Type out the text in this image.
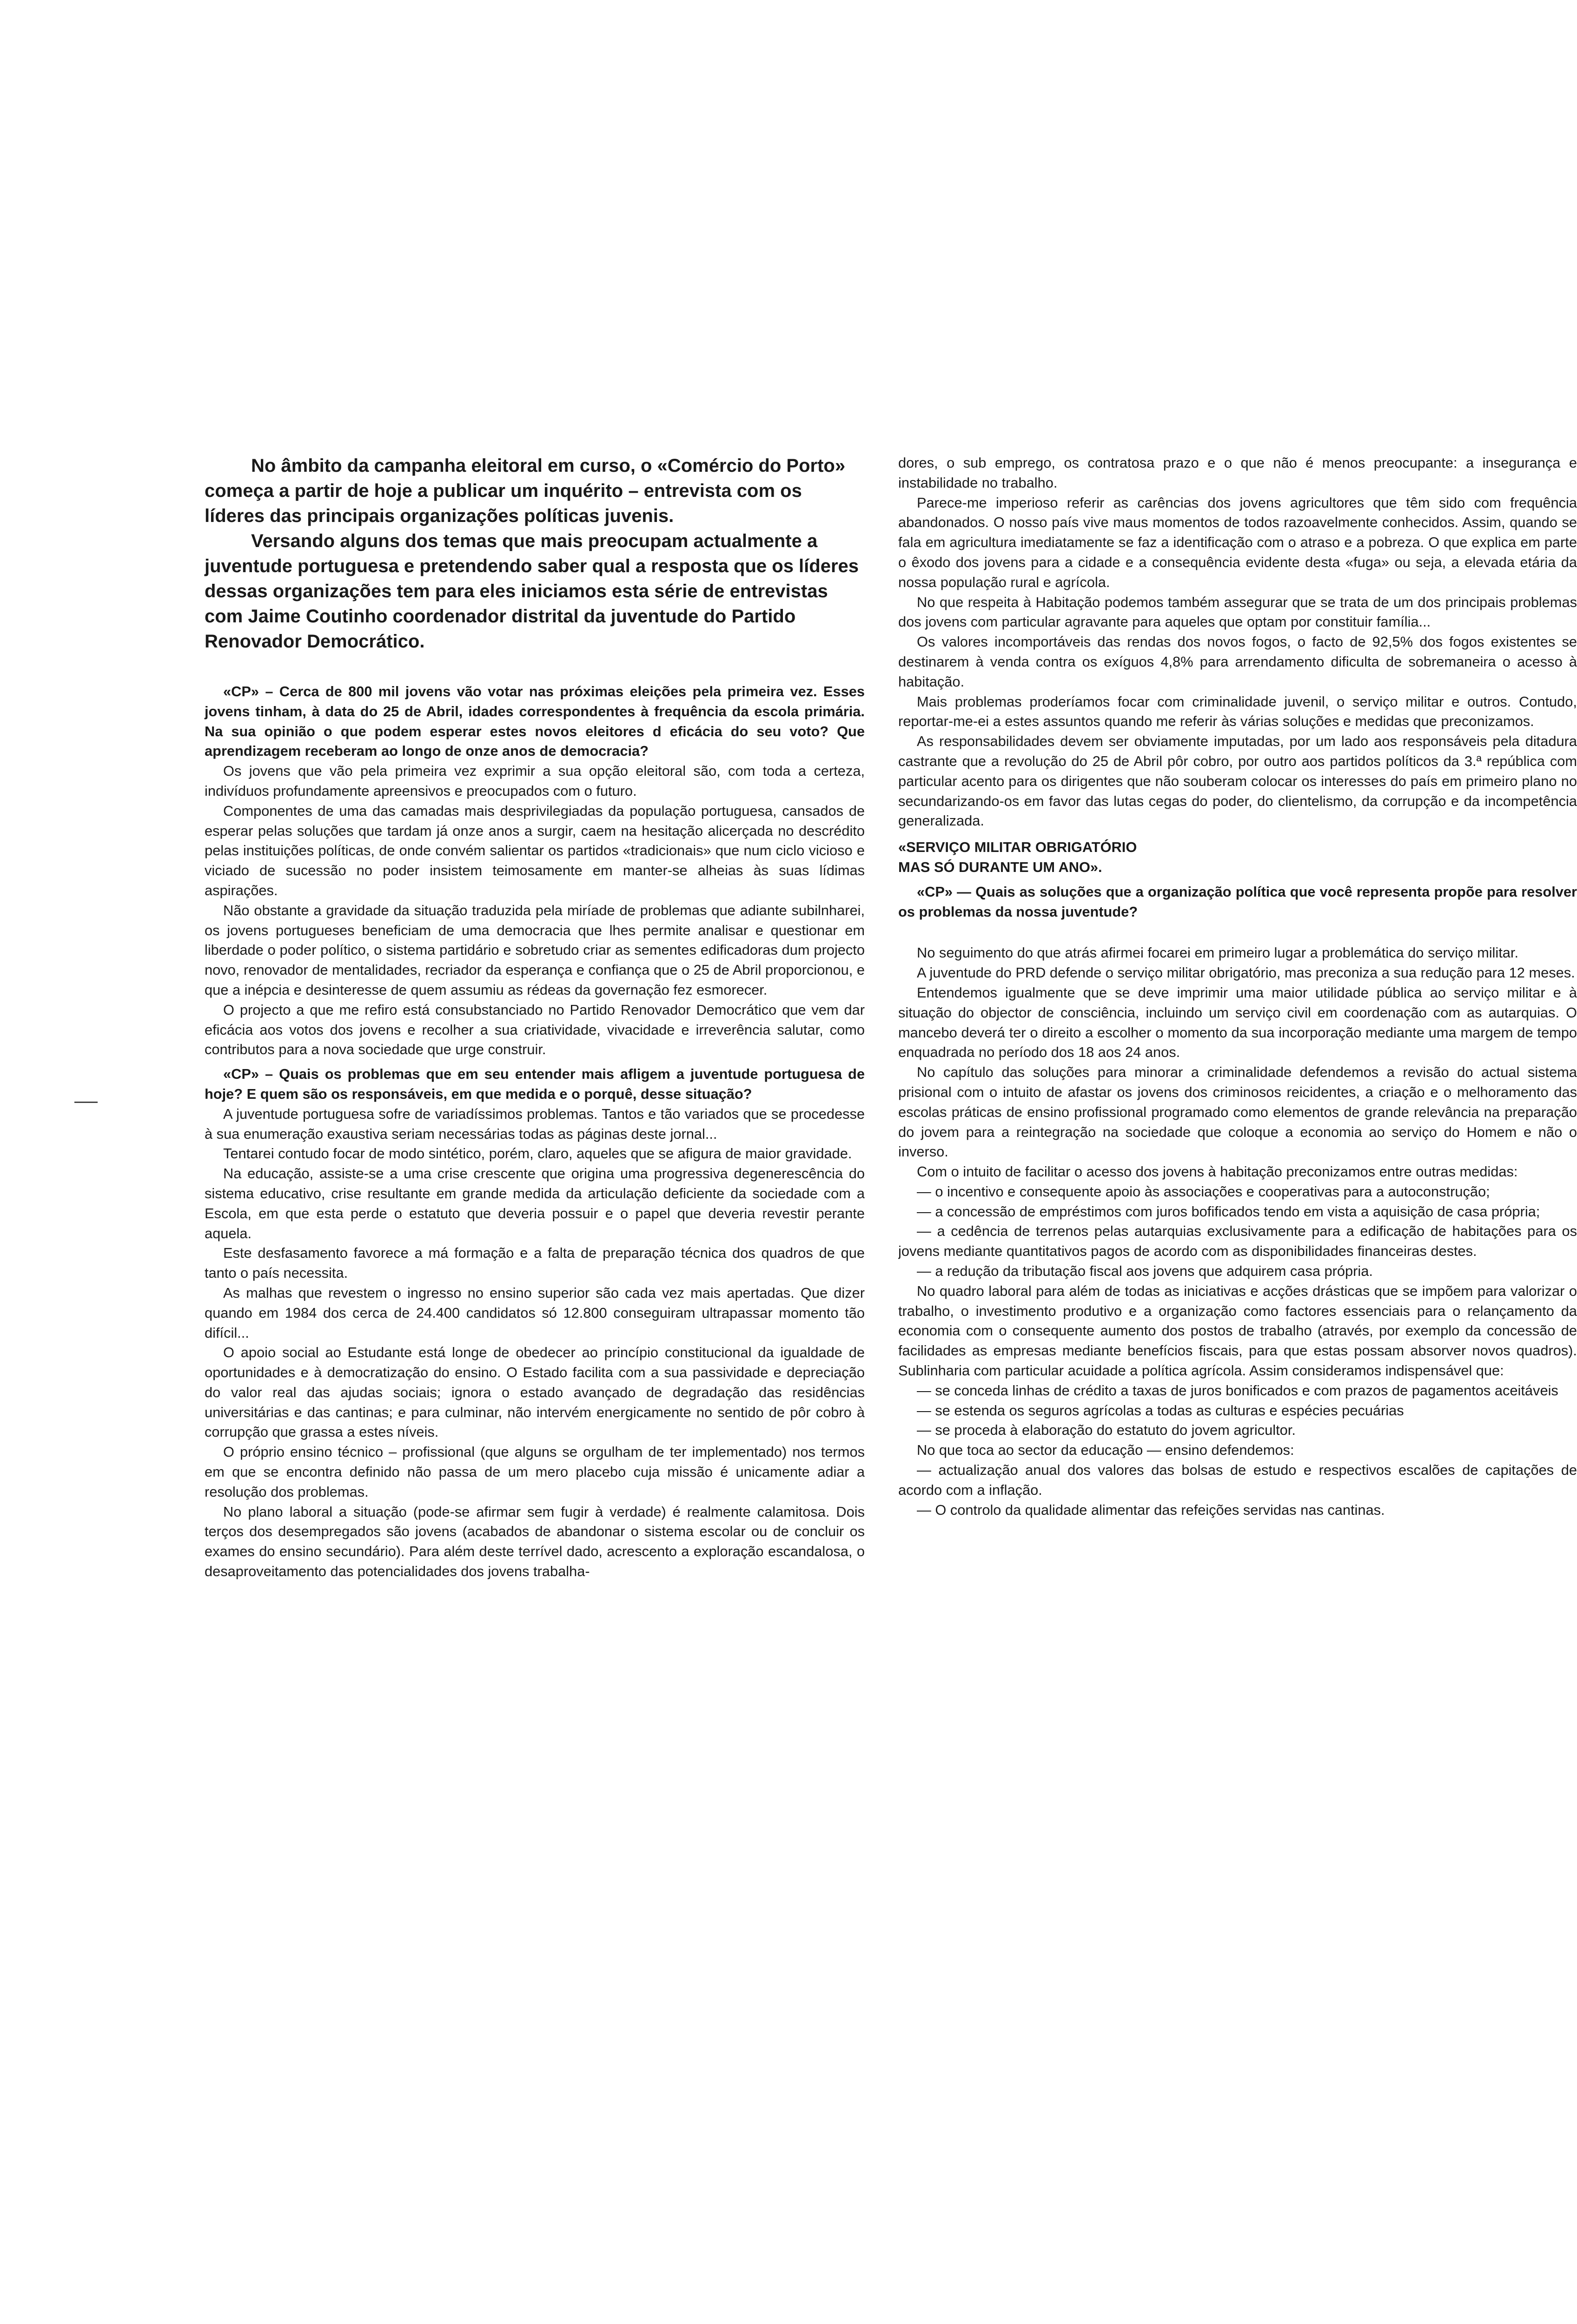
No âmbito da campanha eleitoral em curso, o «Comércio do Porto» começa a partir de hoje a publicar um inquérito – entrevista com os líderes das principais organizações políticas juvenis.

Versando alguns dos temas que mais preocupam actualmente a juventude portuguesa e pretendendo saber qual a resposta que os líderes dessas organizações tem para eles iniciamos esta série de entrevistas com Jaime Coutinho coordenador distrital da juventude do Partido Renovador Democrático.

«CP» – Cerca de 800 mil jovens vão votar nas próximas eleições pela primeira vez. Esses jovens tinham, à data do 25 de Abril, idades correspondentes à frequência da escola primária. Na sua opinião o que podem esperar estes novos eleitores d eficácia do seu voto? Que aprendizagem receberam ao longo de onze anos de democracia?

Os jovens que vão pela primeira vez exprimir a sua opção eleitoral são, com toda a certeza, indivíduos profundamente apreensivos e preocupados com o futuro.

Componentes de uma das camadas mais desprivilegiadas da população portuguesa, cansados de esperar pelas soluções que tardam já onze anos a surgir, caem na hesitação alicerçada no descrédito pelas instituições políticas, de onde convém salientar os partidos «tradicionais» que num ciclo vicioso e viciado de sucessão no poder insistem teimosamente em manter-se alheias às suas lídimas aspirações.

Não obstante a gravidade da situação traduzida pela miríade de problemas que adiante subilnharei, os jovens portugueses beneficiam de uma democracia que lhes permite analisar e questionar em liberdade o poder político, o sistema partidário e sobretudo criar as sementes edificadoras dum projecto novo, renovador de mentalidades, recriador da esperança e confiança que o 25 de Abril proporcionou, e que a inépcia e desinteresse de quem assumiu as rédeas da governação fez esmorecer.

O projecto a que me refiro está consubstanciado no Partido Renovador Democrático que vem dar eficácia aos votos dos jovens e recolher a sua criatividade, vivacidade e irreverência salutar, como contributos para a nova sociedade que urge construir.

«CP» – Quais os problemas que em seu entender mais afligem a juventude portuguesa de hoje? E quem são os responsáveis, em que medida e o porquê, desse situação?

A juventude portuguesa sofre de variadíssimos problemas. Tantos e tão variados que se procedesse à sua enumeração exaustiva seriam necessárias todas as páginas deste jornal...

Tentarei contudo focar de modo sintético, porém, claro, aqueles que se afigura de maior gravidade.

Na educação, assiste-se a uma crise crescente que origina uma progressiva degenerescência do sistema educativo, crise resultante em grande medida da articulação deficiente da sociedade com a Escola, em que esta perde o estatuto que deveria possuir e o papel que deveria revestir perante aquela.

Este desfasamento favorece a má formação e a falta de preparação técnica dos quadros de que tanto o país necessita.

As malhas que revestem o ingresso no ensino superior são cada vez mais apertadas. Que dizer quando em 1984 dos cerca de 24.400 candidatos só 12.800 conseguiram ultrapassar momento tão difícil...

O apoio social ao Estudante está longe de obedecer ao princípio constitucional da igualdade de oportunidades e à democratização do ensino. O Estado facilita com a sua passividade e depreciação do valor real das ajudas sociais; ignora o estado avançado de degradação das residências universitárias e das cantinas; e para culminar, não intervém energicamente no sentido de pôr cobro à corrupção que grassa a estes níveis.

O próprio ensino técnico – profissional (que alguns se orgulham de ter implementado) nos termos em que se encontra definido não passa de um mero placebo cuja missão é unicamente adiar a resolução dos problemas.

No plano laboral a situação (pode-se afirmar sem fugir à verdade) é realmente calamitosa. Dois terços dos desempregados são jovens (acabados de abandonar o sistema escolar ou de concluir os exames do ensino secundário). Para além deste terrível dado, acrescento a exploração escandalosa, o desaproveitamento das potencialidades dos jovens trabalha-

dores, o sub emprego, os contratosa prazo e o que não é menos preocupante: a insegurança e instabilidade no trabalho.

Parece-me imperioso referir as carências dos jovens agricultores que têm sido com frequência abandonados. O nosso país vive maus momentos de todos razoavelmente conhecidos. Assim, quando se fala em agricultura imediatamente se faz a identificação com o atraso e a pobreza. O que explica em parte o êxodo dos jovens para a cidade e a consequência evidente desta «fuga» ou seja, a elevada etária da nossa população rural e agrícola.

No que respeita à Habitação podemos também assegurar que se trata de um dos principais problemas dos jovens com particular agravante para aqueles que optam por constituir família...

Os valores incomportáveis das rendas dos novos fogos, o facto de 92,5% dos fogos existentes se destinarem à venda contra os exíguos 4,8% para arrendamento dificulta de sobremaneira o acesso à habitação.

Mais problemas proderíamos focar com criminalidade juvenil, o serviço militar e outros. Contudo, reportar-me-ei a estes assuntos quando me referir às várias soluções e medidas que preconizamos.

As responsabilidades devem ser obviamente imputadas, por um lado aos responsáveis pela ditadura castrante que a revolução do 25 de Abril pôr cobro, por outro aos partidos políticos da 3.ª república com particular acento para os dirigentes que não souberam colocar os interesses do país em primeiro plano no secundarizando-os em favor das lutas cegas do poder, do clientelismo, da corrupção e da incompetência generalizada.

«SERVIÇO MILITAR OBRIGATÓRIO
MAS SÓ DURANTE UM ANO».

«CP» — Quais as soluções que a organização política que você representa propõe para resolver os problemas da nossa juventude?

No seguimento do que atrás afirmei focarei em primeiro lugar a problemática do serviço militar.

A juventude do PRD defende o serviço militar obrigatório, mas preconiza a sua redução para 12 meses.

Entendemos igualmente que se deve imprimir uma maior utilidade pública ao serviço militar e à situação do objector de consciência, incluindo um serviço civil em coordenação com as autarquias. O mancebo deverá ter o direito a escolher o momento da sua incorporação mediante uma margem de tempo enquadrada no período dos 18 aos 24 anos.

No capítulo das soluções para minorar a criminalidade defendemos a revisão do actual sistema prisional com o intuito de afastar os jovens dos criminosos reicidentes, a criação e o melhoramento das escolas práticas de ensino profissional programado como elementos de grande relevância na preparação do jovem para a reintegração na sociedade que coloque a economia ao serviço do Homem e não o inverso.

Com o intuito de facilitar o acesso dos jovens à habitação preconizamos entre outras medidas:

— o incentivo e consequente apoio às associações e cooperativas para a autoconstrução;

— a concessão de empréstimos com juros bofificados tendo em vista a aquisição de casa própria;

— a cedência de terrenos pelas autarquias exclusivamente para a edificação de habitações para os jovens mediante quantitativos pagos de acordo com as disponibilidades financeiras destes.

— a redução da tributação fiscal aos jovens que adquirem casa própria.

No quadro laboral para além de todas as iniciativas e acções drásticas que se impõem para valorizar o trabalho, o investimento produtivo e a organização como factores essenciais para o relançamento da economia com o consequente aumento dos postos de trabalho (através, por exemplo da concessão de facilidades as empresas mediante benefícios fiscais, para que estas possam absorver novos quadros). Sublinharia com particular acuidade a política agrícola. Assim consideramos indispensável que:

— se conceda linhas de crédito a taxas de juros bonificados e com prazos de pagamentos aceitáveis

— se estenda os seguros agrícolas a todas as culturas e espécies pecuárias

— se proceda à elaboração do estatuto do jovem agricultor.

No que toca ao sector da educação — ensino defendemos:

— actualização anual dos valores das bolsas de estudo e respectivos escalões de capitações de acordo com a inflação.

— O controlo da qualidade alimentar das refeições servidas nas cantinas.
